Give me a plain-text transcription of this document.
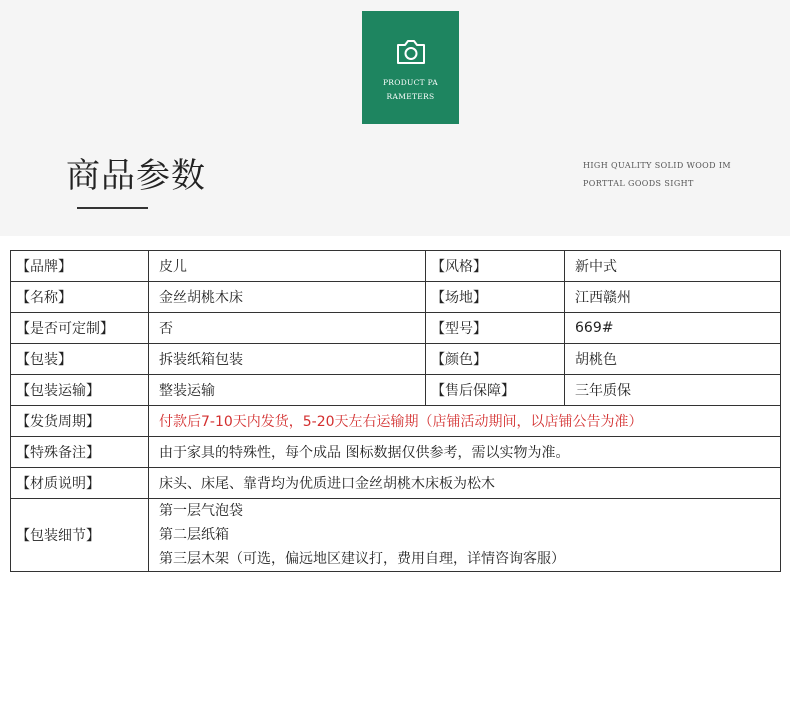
PRODUCT PA
RAMETERS
商品参数	HIGH QUALITY SOLID WOOD IM
PORTTAL GOODS SIGHT
【品牌】	皮儿	【风格】	新中式
【名称】	金丝胡桃木床	【场地】	江西赣州
【是否可定制】	否	【型号】	669#
【包装】	拆装纸箱包装	【颜色】	胡桃色
【包装运输】	整装运输	【售后保障】	三年质保
【发货周期】	付款后7-10天内发货，5-20天左右运输期（店铺活动期间，以店铺公告为准）		
【特殊备注】	由于家具的特殊性，每个成品 图标数据仅供参考，需以实物为准。		
【材质说明】	床头、床尾、靠背均为优质进口金丝胡桃木床板为松木		
【包装细节】	第一层气泡袋
第二层纸箱
第三层木架（可选，偏远地区建议打，费用自理，详情咨询客服）		
